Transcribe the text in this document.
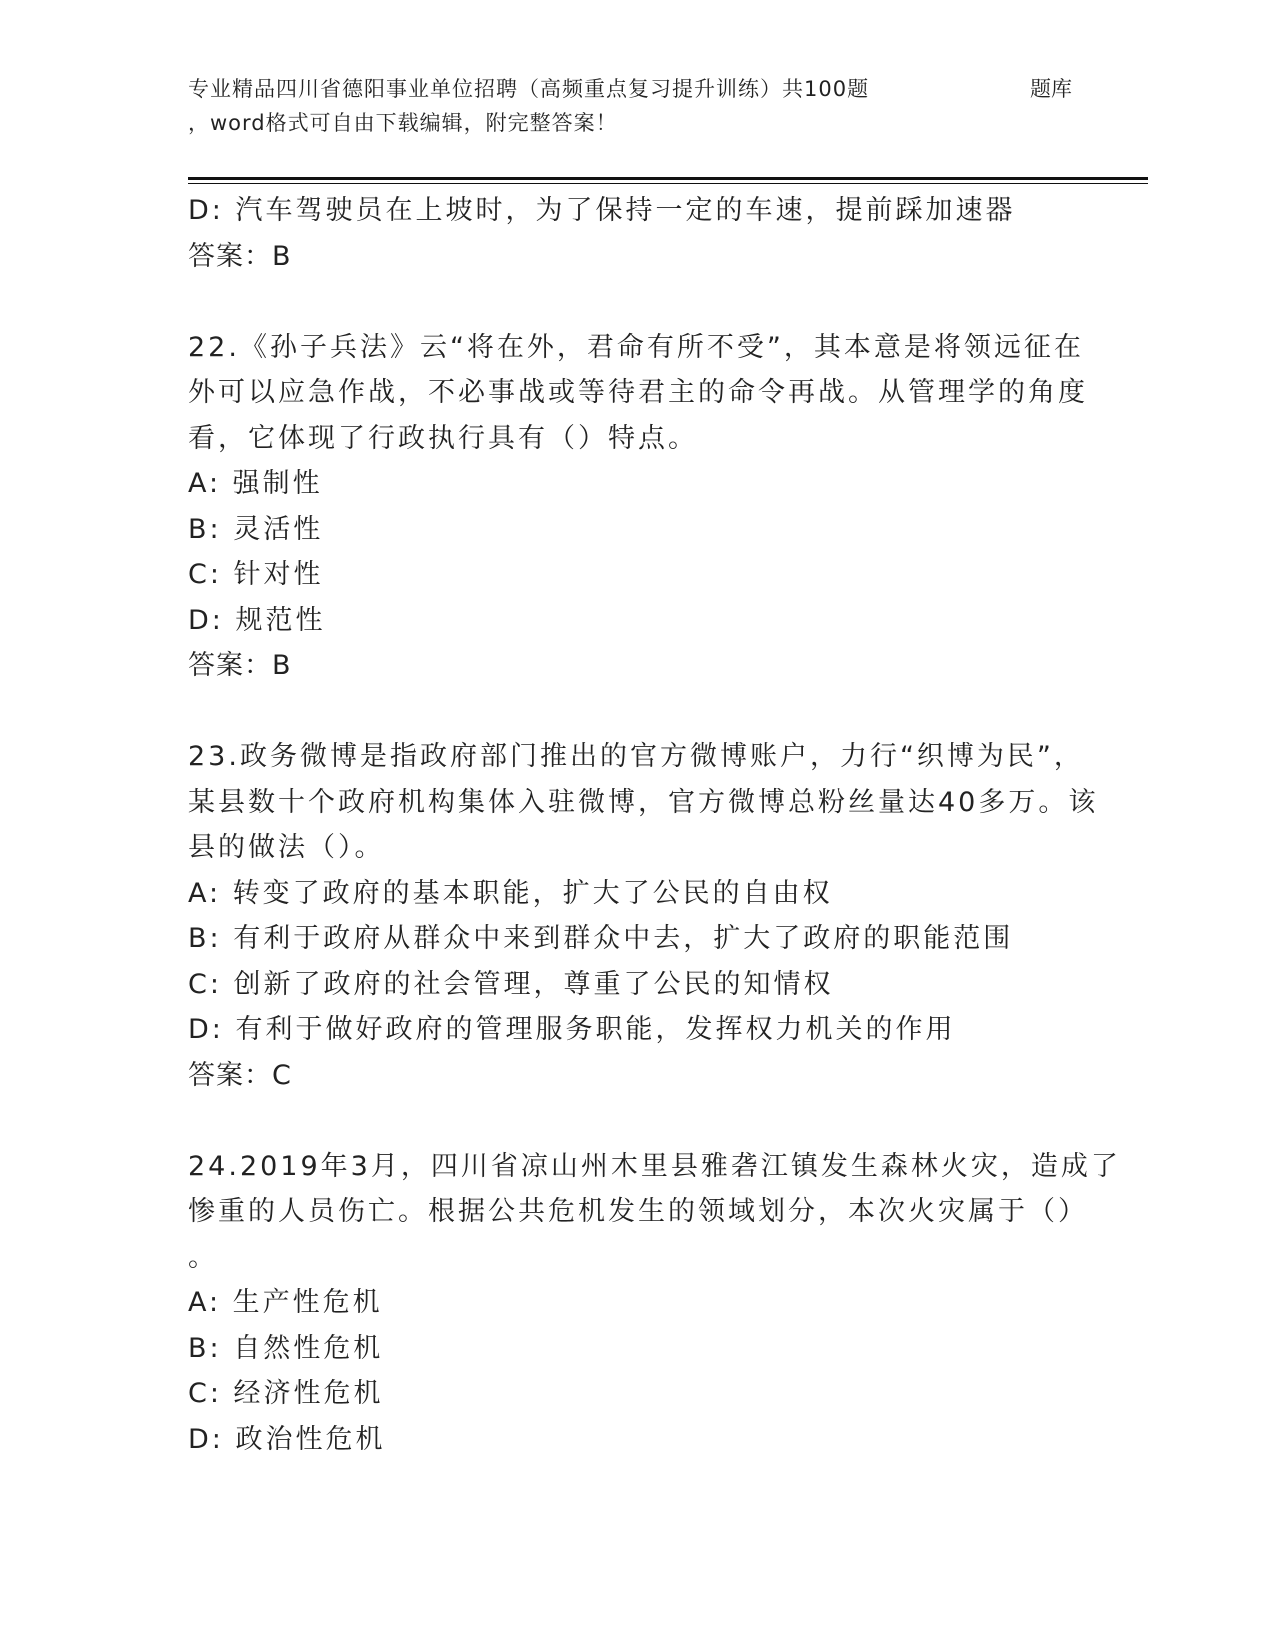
专业精品四川省德阳事业单位招聘（高频重点复习提升训练）共100题	题库
，word格式可自由下载编辑，附完整答案！
D: 汽车驾驶员在上坡时，为了保持一定的车速，提前踩加速器
答案：B
22.《孙子兵法》云“将在外，君命有所不受”，其本意是将领远征在
外可以应急作战，不必事战或等待君主的命令再战。从管理学的角度
看，它体现了行政执行具有（）特点。
A: 强制性
B: 灵活性
C: 针对性
D: 规范性
答案：B
23.政务微博是指政府部门推出的官方微博账户，力行“织博为民”，
某县数十个政府机构集体入驻微博，官方微博总粉丝量达40多万。该
县的做法（）。
A: 转变了政府的基本职能，扩大了公民的自由权
B: 有利于政府从群众中来到群众中去，扩大了政府的职能范围
C: 创新了政府的社会管理，尊重了公民的知情权
D: 有利于做好政府的管理服务职能，发挥权力机关的作用
答案：C
24.2019年3月，四川省凉山州木里县雅砻江镇发生森林火灾，造成了
惨重的人员伤亡。根据公共危机发生的领域划分，本次火灾属于（）
。
A: 生产性危机
B: 自然性危机
C: 经济性危机
D: 政治性危机
